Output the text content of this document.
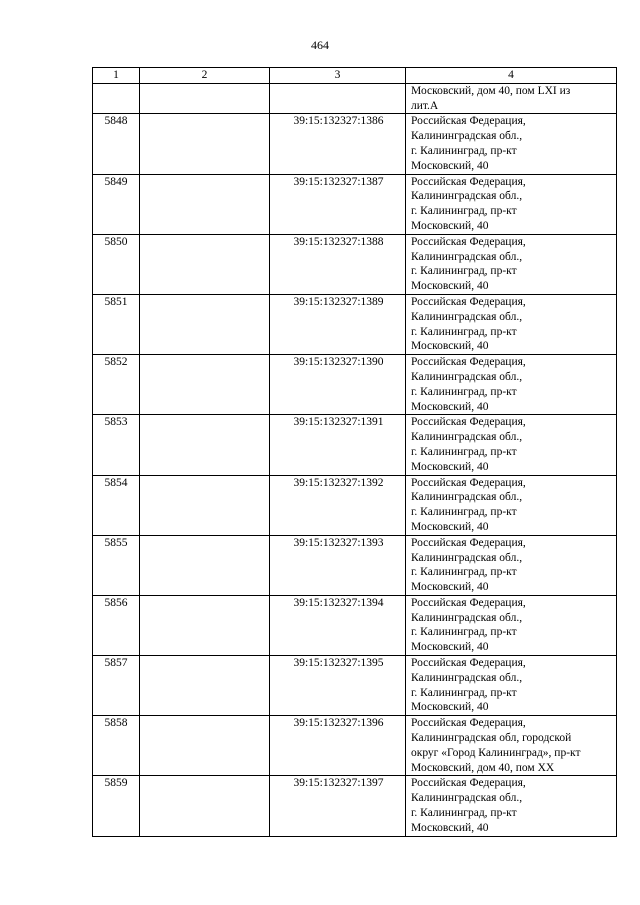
464
1	2	3	4
			Московский, дом 40, пом LXI из
лит.А
5848		39:15:132327:1386	Российская Федерация,
Калининградская обл.,
г. Калининград, пр-кт
Московский, 40
5849		39:15:132327:1387	Российская Федерация,
Калининградская обл.,
г. Калининград, пр-кт
Московский, 40
5850		39:15:132327:1388	Российская Федерация,
Калининградская обл.,
г. Калининград, пр-кт
Московский, 40
5851		39:15:132327:1389	Российская Федерация,
Калининградская обл.,
г. Калининград, пр-кт
Московский, 40
5852		39:15:132327:1390	Российская Федерация,
Калининградская обл.,
г. Калининград, пр-кт
Московский, 40
5853		39:15:132327:1391	Российская Федерация,
Калининградская обл.,
г. Калининград, пр-кт
Московский, 40
5854		39:15:132327:1392	Российская Федерация,
Калининградская обл.,
г. Калининград, пр-кт
Московский, 40
5855		39:15:132327:1393	Российская Федерация,
Калининградская обл.,
г. Калининград, пр-кт
Московский, 40
5856		39:15:132327:1394	Российская Федерация,
Калининградская обл.,
г. Калининград, пр-кт
Московский, 40
5857		39:15:132327:1395	Российская Федерация,
Калининградская обл.,
г. Калининград, пр-кт
Московский, 40
5858		39:15:132327:1396	Российская Федерация,
Калининградская обл, городской
округ «Город Калининград», пр-кт
Московский, дом 40, пом XX
5859		39:15:132327:1397	Российская Федерация,
Калининградская обл.,
г. Калининград, пр-кт
Московский, 40
